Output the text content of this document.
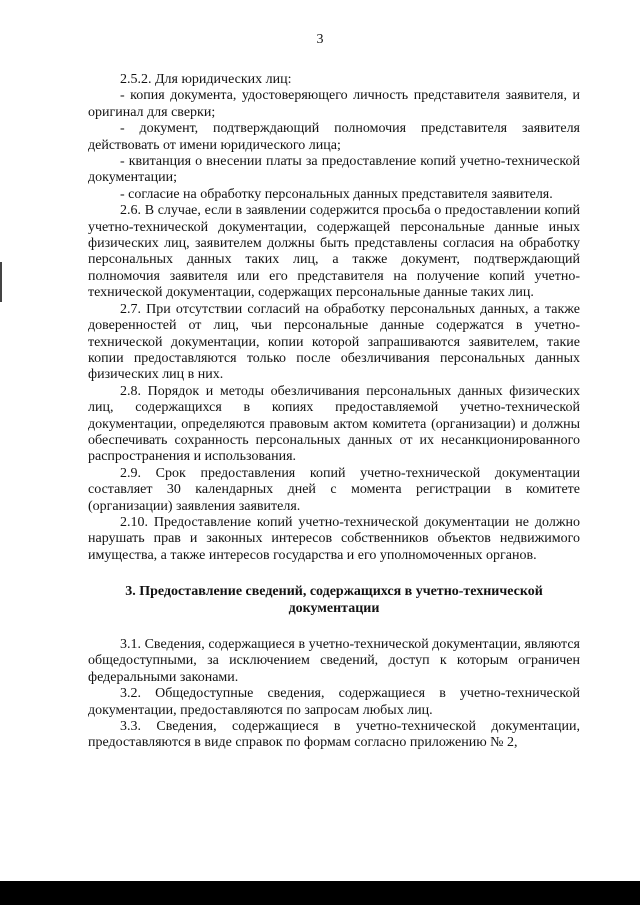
3

2.5.2. Для юридических лиц:

- копия документа, удостоверяющего личность представителя заявителя, и оригинал для сверки;

- документ, подтверждающий полномочия представителя заявителя действовать от имени юридического лица;

- квитанция о внесении платы за предоставление копий учетно-технической документации;

- согласие на обработку персональных данных представителя заявителя.

2.6. В случае, если в заявлении содержится просьба о предоставлении копий учетно-технической документации, содержащей персональные данные иных физических лиц, заявителем должны быть представлены согласия на обработку персональных данных таких лиц, а также документ, подтверждающий полномочия заявителя или его представителя на получение копий учетно-технической документации, содержащих персональные данные таких лиц.

2.7. При отсутствии согласий на обработку персональных данных, а также доверенностей от лиц, чьи персональные данные содержатся в учетно-технической документации, копии которой запрашиваются заявителем, такие копии предоставляются только после обезличивания персональных данных физических лиц в них.

2.8. Порядок и методы обезличивания персональных данных физических лиц, содержащихся в копиях предоставляемой учетно-технической документации, определяются правовым актом комитета (организации) и должны обеспечивать сохранность персональных данных от их несанкционированного распространения и использования.

2.9. Срок предоставления копий учетно-технической документации составляет 30 календарных дней с момента регистрации в комитете (организации) заявления заявителя.

2.10. Предоставление копий учетно-технической документации не должно нарушать прав и законных интересов собственников объектов недвижимого имущества, а также интересов государства и его уполномоченных органов.

3. Предоставление сведений, содержащихся в учетно-технической документации

3.1. Сведения, содержащиеся в учетно-технической документации, являются общедоступными, за исключением сведений, доступ к которым ограничен федеральными законами.

3.2. Общедоступные сведения, содержащиеся в учетно-технической документации, предоставляются по запросам любых лиц.

3.3. Сведения, содержащиеся в учетно-технической документации, предоставляются в виде справок по формам согласно приложению № 2,
